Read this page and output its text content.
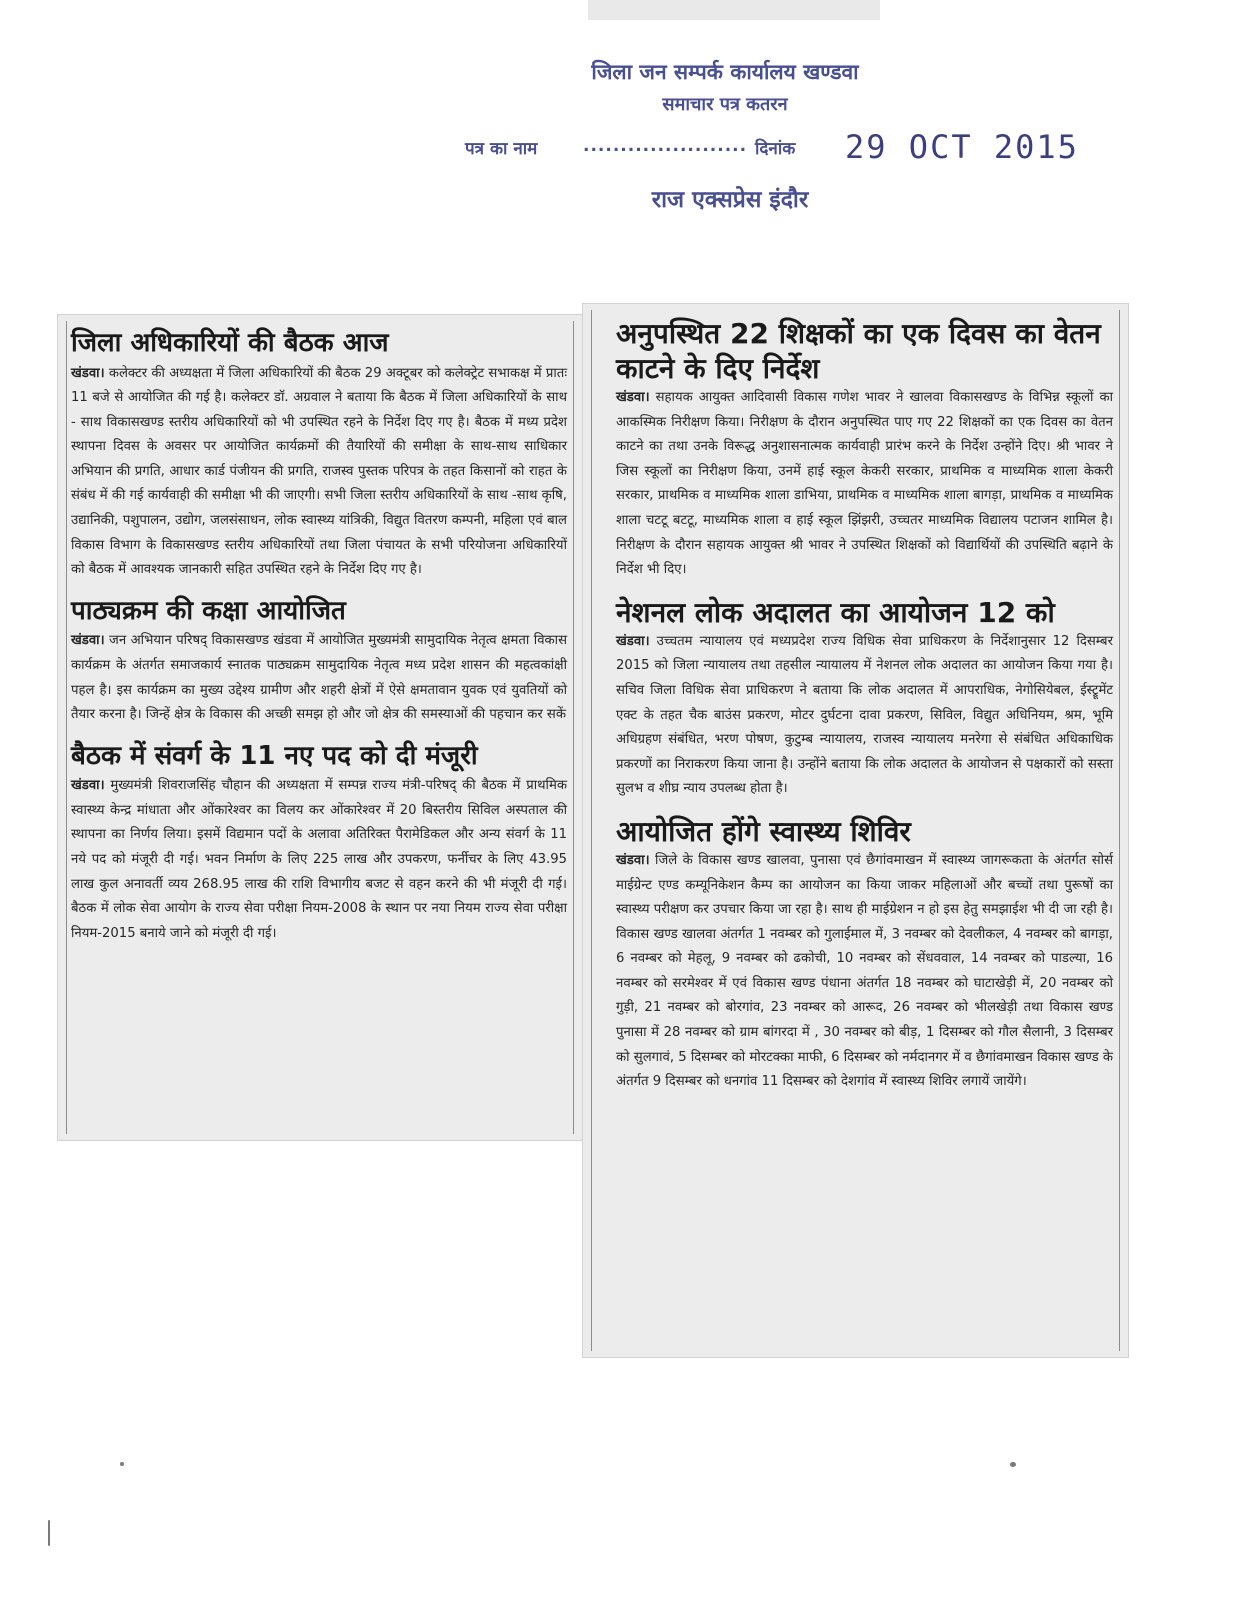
जिला जन सम्पर्क कार्यालय खण्डवा
समाचार पत्र कतरन
पत्र का नाम	...................... दिनांक 29 OCT 2015
राज एक्सप्रेस इंदौर
जिला अधिकारियों की बैठक आज

खंडवा। कलेक्टर की अध्यक्षता में जिला अधिकारियों की बैठक 29 अक्टूबर को कलेक्ट्रेट सभाकक्ष में प्रातः 11 बजे से आयोजित की गई है। कलेक्टर डॉ. अग्रवाल ने बताया कि बैठक में जिला अधिकारियों के साथ - साथ विकासखण्ड स्तरीय अधिकारियों को भी उपस्थित रहने के निर्देश दिए गए है। बैठक में मध्य प्रदेश स्थापना दिवस के अवसर पर आयोजित कार्यक्रमों की तैयारियों की समीक्षा के साथ-साथ साधिकार अभियान की प्रगति, आधार कार्ड पंजीयन की प्रगति, राजस्व पुस्तक परिपत्र के तहत किसानों को राहत के संबंध में की गई कार्यवाही की समीक्षा भी की जाएगी। सभी जिला स्तरीय अधिकारियों के साथ -साथ कृषि, उद्यानिकी, पशुपालन, उद्योग, जलसंसाधन, लोक स्वास्थ्य यांत्रिकी, विद्युत वितरण कम्पनी, महिला एवं बाल विकास विभाग के विकासखण्ड स्तरीय अधिकारियों तथा जिला पंचायत के सभी परियोजना अधिकारियों को बैठक में आवश्यक जानकारी सहित उपस्थित रहने के निर्देश दिए गए है।

पाठ्यक्रम की कक्षा आयोजित

खंडवा। जन अभियान परिषद् विकासखण्ड खंडवा में आयोजित मुख्यमंत्री सामुदायिक नेतृत्व क्षमता विकास कार्यक्रम के अंतर्गत समाजकार्य स्नातक पाठ्यक्रम सामुदायिक नेतृत्व मध्य प्रदेश शासन की महत्वकांक्षी पहल है। इस कार्यक्रम का मुख्य उद्देश्य ग्रामीण और शहरी क्षेत्रों में ऐसे क्षमतावान युवक एवं युवतियों को तैयार करना है। जिन्हें क्षेत्र के विकास की अच्छी समझ हो और जो क्षेत्र की समस्याओं की पहचान कर सकें

बैठक में संवर्ग के 11 नए पद को दी मंजूरी

खंडवा। मुख्यमंत्री शिवराजसिंह चौहान की अध्यक्षता में सम्पन्न राज्य मंत्री-परिषद् की बैठक में प्राथमिक स्वास्थ्य केन्द्र मांधाता और ओंकारेश्वर का विलय कर ओंकारेश्वर में 20 बिस्तरीय सिविल अस्पताल की स्थापना का निर्णय लिया। इसमें विद्यमान पदों के अलावा अतिरिक्त पैरामेडिकल और अन्य संवर्ग के 11 नये पद को मंजूरी दी गई। भवन निर्माण के लिए 225 लाख और उपकरण, फर्नीचर के लिए 43.95 लाख कुल अनावर्ती व्यय 268.95 लाख की राशि विभागीय बजट से वहन करने की भी मंजूरी दी गई। बैठक में लोक सेवा आयोग के राज्य सेवा परीक्षा नियम-2008 के स्थान पर नया नियम राज्य सेवा परीक्षा नियम-2015 बनाये जाने को मंजूरी दी गई।

अनुपस्थित 22 शिक्षकों का एक दिवस का वेतन काटने के दिए निर्देश

खंडवा। सहायक आयुक्त आदिवासी विकास गणेश भावर ने खालवा विकासखण्ड के विभिन्न स्कूलों का आकस्मिक निरीक्षण किया। निरीक्षण के दौरान अनुपस्थित पाए गए 22 शिक्षकों का एक दिवस का वेतन काटने का तथा उनके विरूद्ध अनुशासनात्मक कार्यवाही प्रारंभ करने के निर्देश उन्होंने दिए। श्री भावर ने जिस स्कूलों का निरीक्षण किया, उनमें हाई स्कूल केकरी सरकार, प्राथमिक व माध्यमिक शाला केकरी सरकार, प्राथमिक व माध्यमिक शाला डाभिया, प्राथमिक व माध्यमिक शाला बागड़ा, प्राथमिक व माध्यमिक शाला चटटू बटटू, माध्यमिक शाला व हाई स्कूल झिंझरी, उच्चतर माध्यमिक विद्यालय पटाजन शामिल है। निरीक्षण के दौरान सहायक आयुक्त श्री भावर ने उपस्थित शिक्षकों को विद्यार्थियों की उपस्थिति बढ़ाने के निर्देश भी दिए।

नेशनल लोक अदालत का आयोजन 12 को

खंडवा। उच्चतम न्यायालय एवं मध्यप्रदेश राज्य विधिक सेवा प्राधिकरण के निर्देशानुसार 12 दिसम्बर 2015 को जिला न्यायालय तथा तहसील न्यायालय में नेशनल लोक अदालत का आयोजन किया गया है। सचिव जिला विधिक सेवा प्राधिकरण ने बताया कि लोक अदालत में आपराधिक, नेगोसियेबल, ईस्ट्रूमेंट एक्ट के तहत चैक बाउंस प्रकरण, मोटर दुर्घटना दावा प्रकरण, सिविल, विद्युत अधिनियम, श्रम, भूमि अधिग्रहण संबंधित, भरण पोषण, कुटुम्ब न्यायालय, राजस्व न्यायालय मनरेगा से संबंधित अधिकाधिक प्रकरणों का निराकरण किया जाना है। उन्होंने बताया कि लोक अदालत के आयोजन से पक्षकारों को सस्ता सुलभ व शीघ्र न्याय उपलब्ध होता है।

आयोजित होंगे स्वास्थ्य शिविर

खंडवा। जिले के विकास खण्ड खालवा, पुनासा एवं छैगांवमाखन में स्वास्थ्य जागरूकता के अंतर्गत सोर्स माईग्रेन्ट एण्ड कम्यूनिकेशन कैम्प का आयोजन का किया जाकर महिलाओं और बच्चों तथा पुरूषों का स्वास्थ्य परीक्षण कर उपचार किया जा रहा है। साथ ही माईग्रेशन न हो इस हेतु समझाईश भी दी जा रही है। विकास खण्ड खालवा अंतर्गत 1 नवम्बर को गुलाईमाल में, 3 नवम्बर को देवलीकल, 4 नवम्बर को बागड़ा, 6 नवम्बर को मेहलू, 9 नवम्बर को ढकोची, 10 नवम्बर को सेंधववाल, 14 नवम्बर को पाडल्या, 16 नवम्बर को सरमेश्वर में एवं विकास खण्ड पंधाना अंतर्गत 18 नवम्बर को घाटाखेड़ी में, 20 नवम्बर को गुड़ी, 21 नवम्बर को बोरगांव, 23 नवम्बर को आरूद, 26 नवम्बर को भीलखेड़ी तथा विकास खण्ड पुनासा में 28 नवम्बर को ग्राम बांगरदा में , 30 नवम्बर को बीड़, 1 दिसम्बर को गौल सैलानी, 3 दिसम्बर को सुलगावं, 5 दिसम्बर को मोरटक्का माफी, 6 दिसम्बर को नर्मदानगर में व छैगांवमाखन विकास खण्ड के अंतर्गत 9 दिसम्बर को धनगांव 11 दिसम्बर को देशगांव में स्वास्थ्य शिविर लगायें जायेंगे।
